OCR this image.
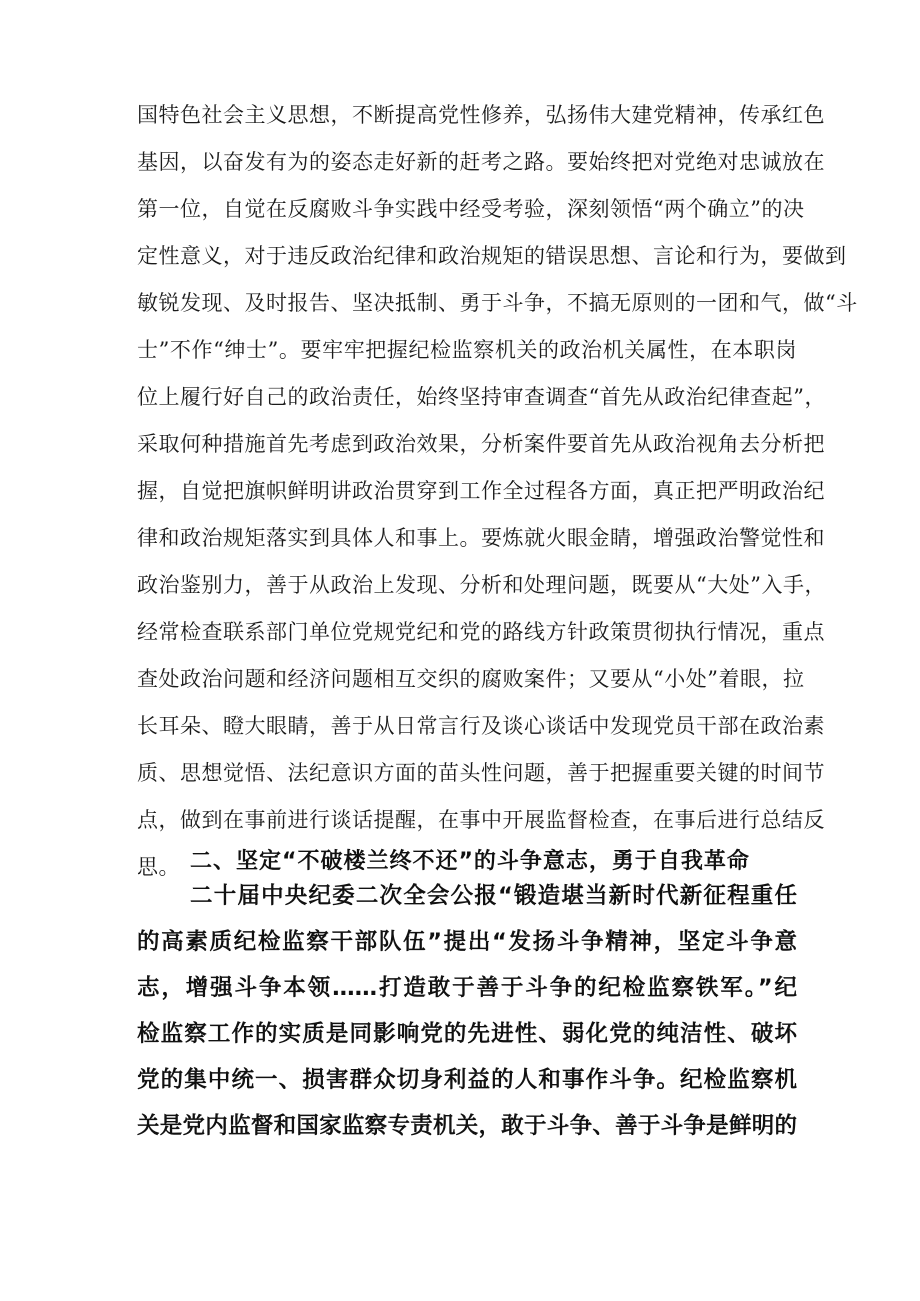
国特色社会主义思想，不断提高党性修养，弘扬伟大建党精神，传承红色

基因，以奋发有为的姿态走好新的赶考之路。要始终把对党绝对忠诚放在

第一位，自觉在反腐败斗争实践中经受考验，深刻领悟“两个确立”的决

定性意义，对于违反政治纪律和政治规矩的错误思想、言论和行为，要做到

敏锐发现、及时报告、坚决抵制、勇于斗争，不搞无原则的一团和气，做“斗

士”不作“绅士”。要牢牢把握纪检监察机关的政治机关属性，在本职岗

位上履行好自己的政治责任，始终坚持审查调查“首先从政治纪律查起”，

采取何种措施首先考虑到政治效果，分析案件要首先从政治视角去分析把

握，自觉把旗帜鲜明讲政治贯穿到工作全过程各方面，真正把严明政治纪

律和政治规矩落实到具体人和事上。要炼就火眼金睛，增强政治警觉性和

政治鉴别力，善于从政治上发现、分析和处理问题，既要从“大处”入手，

经常检查联系部门单位党规党纪和党的路线方针政策贯彻执行情况，重点

查处政治问题和经济问题相互交织的腐败案件；又要从“小处”着眼，拉

长耳朵、瞪大眼睛，善于从日常言行及谈心谈话中发现党员干部在政治素

质、思想觉悟、法纪意识方面的苗头性问题，善于把握重要关键的时间节

点，做到在事前进行谈话提醒，在事中开展监督检查，在事后进行总结反

思。 二、坚定“不破楼兰终不还”的斗争意志，勇于自我革命

二十届中央纪委二次全会公报“锻造堪当新时代新征程重任

的高素质纪检监察干部队伍”提出“发扬斗争精神，坚定斗争意

志，增强斗争本领……打造敢于善于斗争的纪检监察铁军。”纪

检监察工作的实质是同影响党的先进性、弱化党的纯洁性、破坏

党的集中统一、损害群众切身利益的人和事作斗争。纪检监察机

关是党内监督和国家监察专责机关，敢于斗争、善于斗争是鲜明的
